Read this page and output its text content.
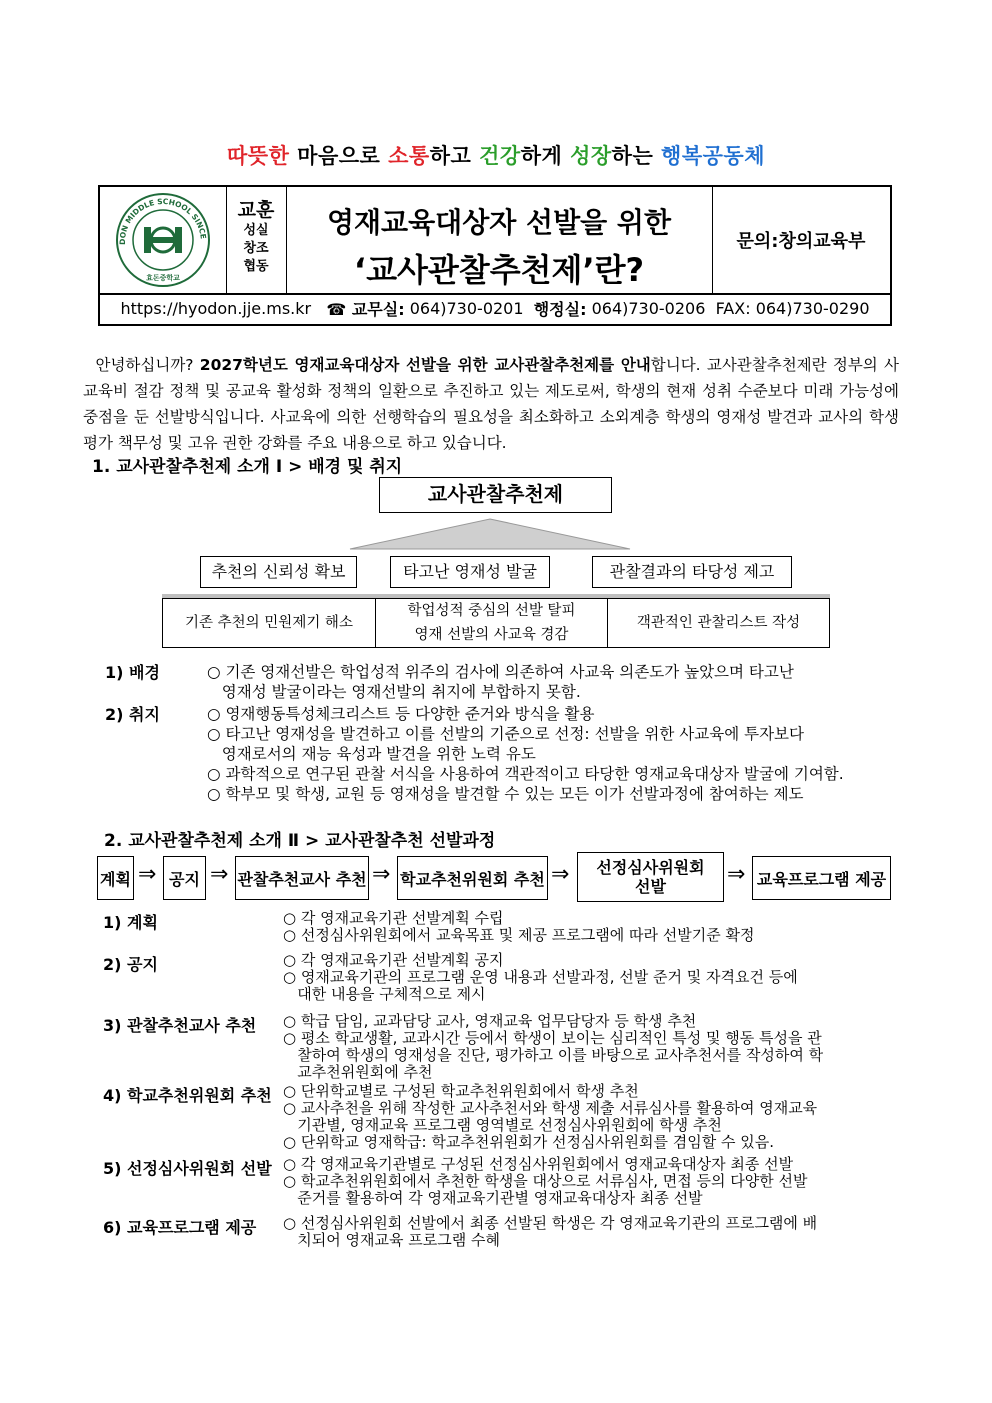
따뜻한 마음으로 소통하고 건강하게 성장하는 행복공동체
DON MIDDLE SCHOOL SINCE
효돈중학교
교훈
성실
창조
협동
영재교육대상자 선발을 위한
‘교사관찰추천제’란?
문의:창의교육부
https://hyodon.jje.ms.kr
☎ 교무실:
064)730-0201
행정실:
064)730-0206
FAX:
064)730-0290
안녕하십니까? 2027학년도 영재교육대상자 선발을 위한 교사관찰추천제를 안내합니다. 교사관찰추천제란 정부의 사교육비 절감 정책 및 공교육 활성화 정책의 일환으로 추진하고 있는 제도로써, 학생의 현재 성취 수준보다 미래 가능성에 중점을 둔 선발방식입니다. 사교육에 의한 선행학습의 필요성을 최소화하고 소외계층 학생의 영재성 발견과 교사의 학생 평가 책무성 및 고유 권한 강화를 주요 내용으로 하고 있습니다.
1. 교사관찰추천제 소개 Ⅰ > 배경 및 취지
교사관찰추천제
추천의 신뢰성 확보	타고난 영재성 발굴	관찰결과의 타당성 제고
기존 추천의 민원제기 해소
학업성적 중심의 선발 탈피
영재 선발의 사교육 경감
객관적인 관찰리스트 작성
1) 배경	○ 기존 영재선발은 학업성적 위주의 검사에 의존하여 사교육 의존도가 높았으며 타고난
영재성 발굴이라는 영재선발의 취지에 부합하지 못함.
2) 취지	○ 영재행동특성체크리스트 등 다양한 준거와 방식을 활용
○ 타고난 영재성을 발견하고 이를 선발의 기준으로 선정: 선발을 위한 사교육에 투자보다
영재로서의 재능 육성과 발견을 위한 노력 유도
○ 과학적으로 연구된 관찰 서식을 사용하여 객관적이고 타당한 영재교육대상자 발굴에 기여함.
○ 학부모 및 학생, 교원 등 영재성을 발견할 수 있는 모든 이가 선발과정에 참여하는 제도
2. 교사관찰추천제 소개 Ⅱ > 교사관찰추천 선발과정
계획 ⇒ 공지 ⇒ 관찰추천교사 추천 ⇒ 학교추천위원회 추천 ⇒	선정심사위원회
선발	⇒ 교육프로그램 제공
1) 계획	○ 각 영재교육기관 선발계획 수립
○ 선정심사위원회에서 교육목표 및 제공 프로그램에 따라 선발기준 확정
2) 공지	○ 각 영재교육기관 선발계획 공지
○ 영재교육기관의 프로그램 운영 내용과 선발과정, 선발 준거 및 자격요건 등에
대한 내용을 구체적으로 제시
3) 관찰추천교사 추천 ○ 학급 담임, 교과담당 교사, 영재교육 업무담당자 등 학생 추천
○ 평소 학교생활, 교과시간 등에서 학생이 보이는 심리적인 특성 및 행동 특성을 관
찰하여 학생의 영재성을 진단, 평가하고 이를 바탕으로 교사추천서를 작성하여 학
교추천위원회에 추천
4) 학교추천위원회 추천 ○ 단위학교별로 구성된 학교추천위원회에서 학생 추천
○ 교사추천을 위해 작성한 교사추천서와 학생 제출 서류심사를 활용하여 영재교육
기관별, 영재교육 프로그램 영역별로 선정심사위원회에 학생 추천
○ 단위학교 영재학급: 학교추천위원회가 선정심사위원회를 겸임할 수 있음.
5) 선정심사위원회 선발 ○ 각 영재교육기관별로 구성된 선정심사위원회에서 영재교육대상자 최종 선발
○ 학교추천위원회에서 추천한 학생을 대상으로 서류심사, 면접 등의 다양한 선발
준거를 활용하여 각 영재교육기관별 영재교육대상자 최종 선발
6) 교육프로그램 제공 ○ 선정심사위원회 선발에서 최종 선발된 학생은 각 영재교육기관의 프로그램에 배
치되어 영재교육 프로그램 수혜
